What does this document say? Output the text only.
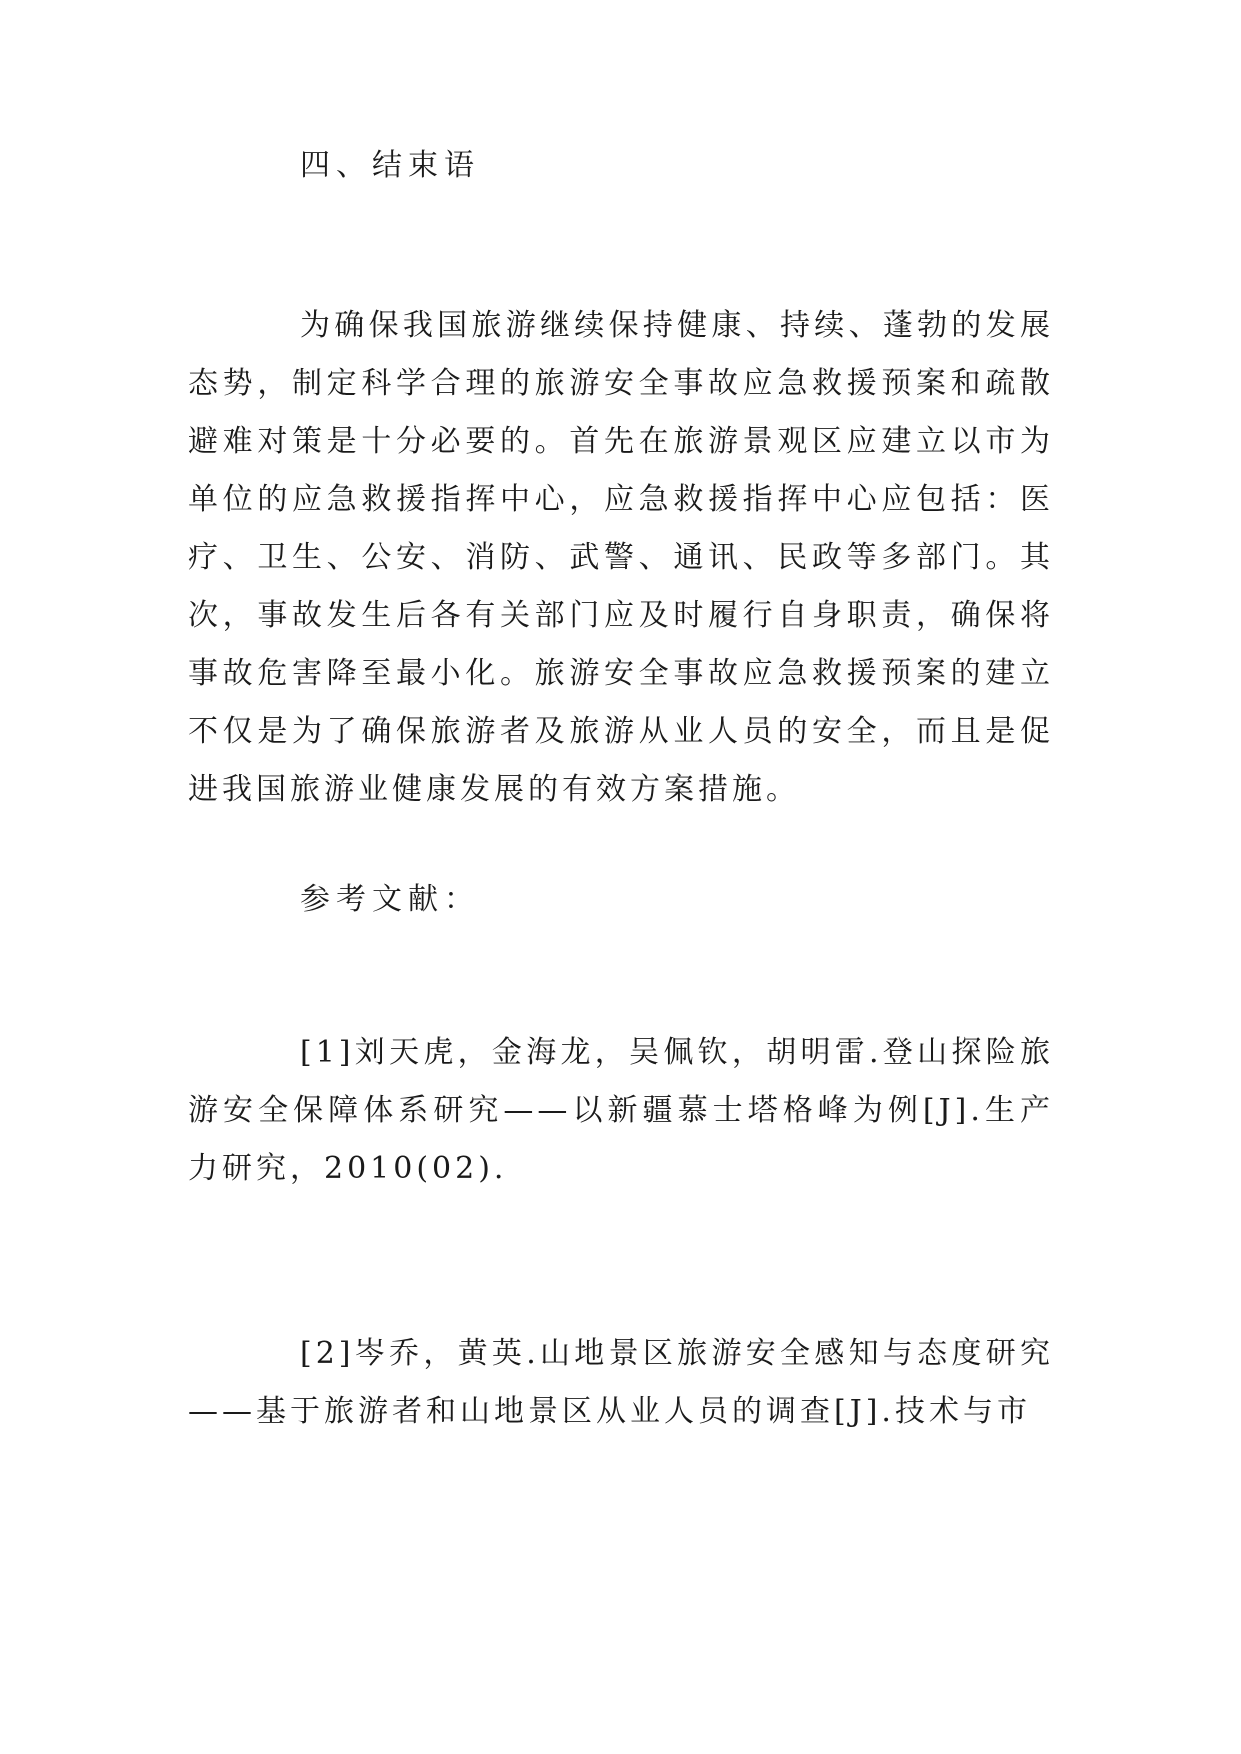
四、结束语

为确保我国旅游继续保持健康、持续、蓬勃的发展态势，制定科学合理的旅游安全事故应急救援预案和疏散避难对策是十分必要的。首先在旅游景观区应建立以市为单位的应急救援指挥中心，应急救援指挥中心应包括：医疗、卫生、公安、消防、武警、通讯、民政等多部门。其次，事故发生后各有关部门应及时履行自身职责，确保将事故危害降至最小化。旅游安全事故应急救援预案的建立不仅是为了确保旅游者及旅游从业人员的安全，而且是促进我国旅游业健康发展的有效方案措施。

参考文献：

[1]刘天虎，金海龙，吴佩钦，胡明雷.登山探险旅游安全保障体系研究——以新疆慕士塔格峰为例[J].生产力研究，2010(02).

[2]岑乔，黄英.山地景区旅游安全感知与态度研究——基于旅游者和山地景区从业人员的调查[J].技术与市
